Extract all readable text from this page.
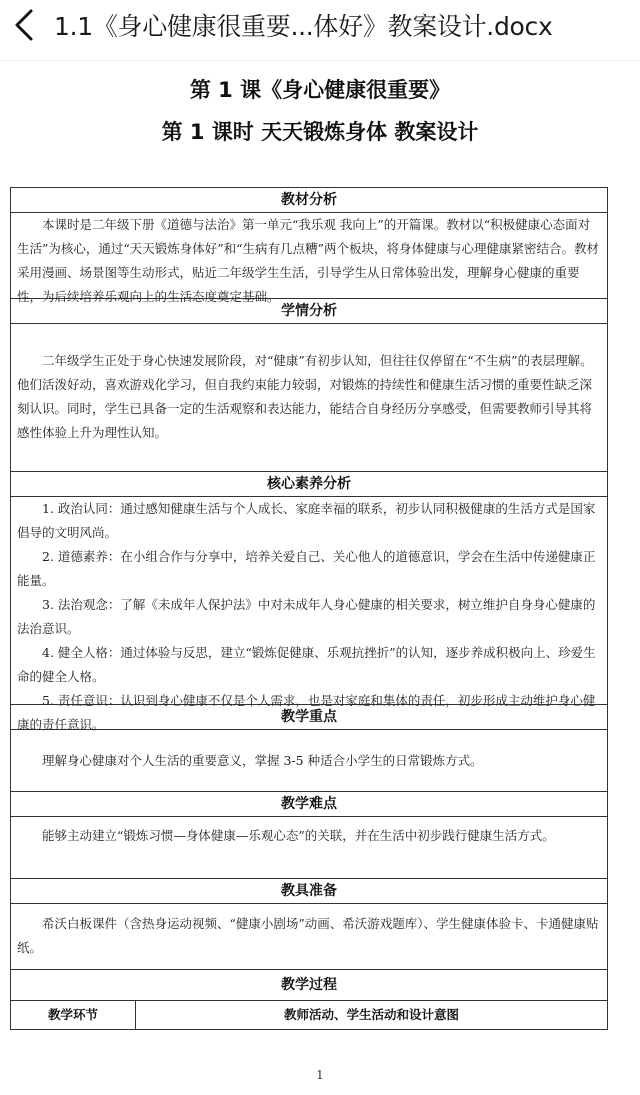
1.1《身心健康很重要...体好》教案设计.docx
第 1 课《身心健康很重要》
第 1 课时 天天锻炼身体 教案设计
教材分析

本课时是二年级下册《道德与法治》第一单元“我乐观 我向上”的开篇课。教材以“积极健康心态面对生活”为核心，通过“天天锻炼身体好”和“生病有几点糟”两个板块，将身体健康与心理健康紧密结合。教材采用漫画、场景图等生动形式，贴近二年级学生生活，引导学生从日常体验出发，理解身心健康的重要性，为后续培养乐观向上的生活态度奠定基础。

学情分析

二年级学生正处于身心快速发展阶段，对“健康”有初步认知，但往往仅停留在“不生病”的表层理解。他们活泼好动，喜欢游戏化学习，但自我约束能力较弱，对锻炼的持续性和健康生活习惯的重要性缺乏深刻认识。同时，学生已具备一定的生活观察和表达能力，能结合自身经历分享感受，但需要教师引导其将感性体验上升为理性认知。

核心素养分析

1. 政治认同：通过感知健康生活与个人成长、家庭幸福的联系，初步认同积极健康的生活方式是国家倡导的文明风尚。

2. 道德素养：在小组合作与分享中，培养关爱自己、关心他人的道德意识，学会在生活中传递健康正能量。

3. 法治观念：了解《未成年人保护法》中对未成年人身心健康的相关要求，树立维护自身身心健康的法治意识。

4. 健全人格：通过体验与反思，建立“锻炼促健康、乐观抗挫折”的认知，逐步养成积极向上、珍爱生命的健全人格。

5. 责任意识：认识到身心健康不仅是个人需求，也是对家庭和集体的责任，初步形成主动维护身心健康的责任意识。	教学重点

理解身心健康对个人生活的重要意义，掌握 3-5 种适合小学生的日常锻炼方式。

教学难点

能够主动建立“锻炼习惯—身体健康—乐观心态”的关联，并在生活中初步践行健康生活方式。

教具准备

希沃白板课件（含热身运动视频、“健康小剧场”动画、希沃游戏题库）、学生健康体验卡、卡通健康贴纸。

教学过程
教学环节	教师活动、学生活动和设计意图
1
